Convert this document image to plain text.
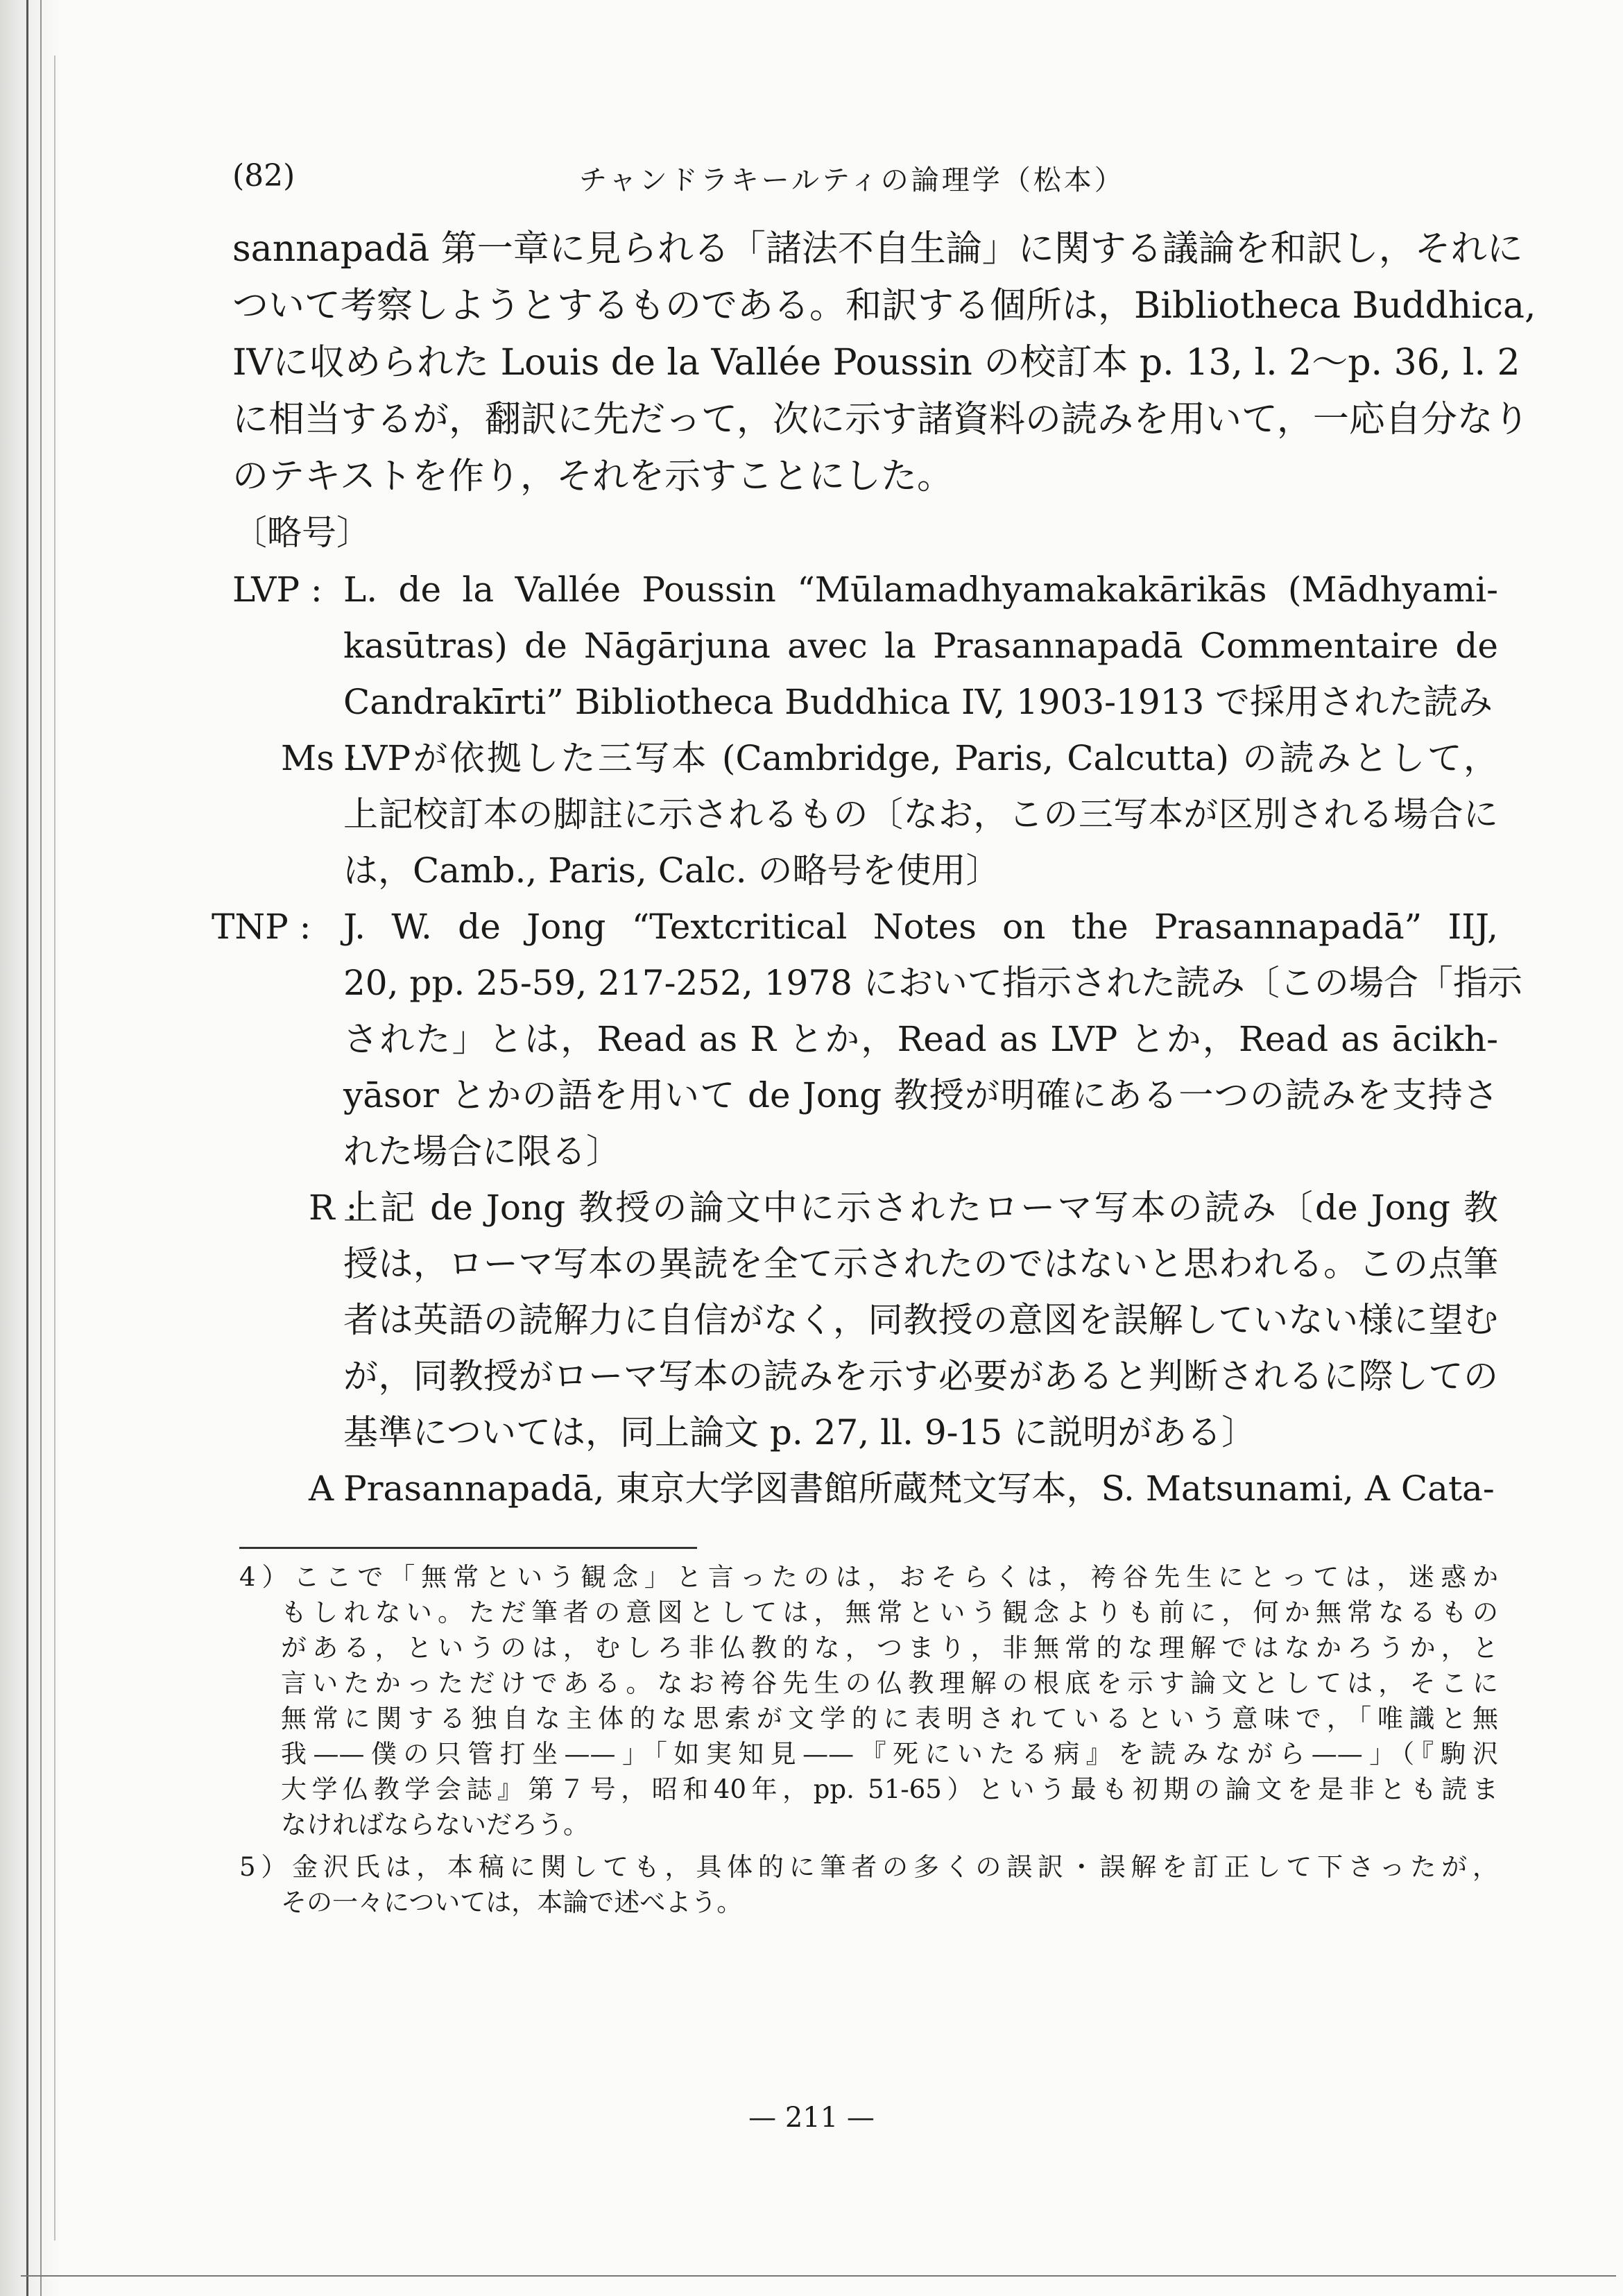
(82)	チャンドラキールティの論理学（松本）
sannapadā 第一章に見られる「諸法不自生論」に関する議論を和訳し，それに
ついて考察しようとするものである。和訳する個所は，Bibliotheca Buddhica,
IVに収められた Louis de la Vallée Poussin の校訂本 p. 13, l. 2〜p. 36, l. 2
に相当するが，翻訳に先だって，次に示す諸資料の読みを用いて，一応自分なり
のテキストを作り，それを示すことにした。
〔略号〕
LVP : L. de la Vallée Poussin “Mūlamadhyamakakārikās (Mādhyami-
kasūtras) de Nāgārjuna avec la Prasannapadā Commentaire de
Candrakīrti” Bibliotheca Buddhica IV, 1903-1913 で採用された読み
Ms :
LVPが依拠した三写本 (Cambridge, Paris, Calcutta) の読みとして，
上記校訂本の脚註に示されるもの〔なお，この三写本が区別される場合に
は，Camb., Paris, Calc. の略号を使用〕
TNP : J. W. de Jong “Textcritical Notes on the Prasannapadā” IIJ,
20, pp. 25-59, 217-252, 1978 において指示された読み〔この場合「指示
された」とは，Read as R とか，Read as LVP とか，Read as ācikh-
yāsor とかの語を用いて de Jong 教授が明確にある一つの読みを支持さ
れた場合に限る〕
R :
上記 de Jong 教授の論文中に示されたローマ写本の読み〔de Jong 教
授は，ローマ写本の異読を全て示されたのではないと思われる。この点筆
者は英語の読解力に自信がなく，同教授の意図を誤解していない様に望む
が，同教授がローマ写本の読みを示す必要があると判断されるに際しての
基準については，同上論文 p. 27, ll. 9-15 に説明がある〕
A :
Prasannapadā, 東京大学図書館所蔵梵文写本，S. Matsunami, A Cata-
4）ここで「無常という観念」と言ったのは，おそらくは，袴谷先生にとっては，迷惑か
もしれない。ただ筆者の意図としては，無常という観念よりも前に，何か無常なるもの
がある，というのは，むしろ非仏教的な，つまり，非無常的な理解ではなかろうか，と
言いたかっただけである。なお袴谷先生の仏教理解の根底を示す論文としては，そこに
無常に関する独自な主体的な思索が文学的に表明されているという意味で，「唯識と無
我——僕の只管打坐——」「如実知見——『死にいたる病』を読みながら——」（『駒沢
大学仏教学会誌』第７号，昭和40年，pp. 51-65）という最も初期の論文を是非とも読ま
なければならないだろう。
5）金沢氏は，本稿に関しても，具体的に筆者の多くの誤訳・誤解を訂正して下さったが，
その一々については，本論で述べよう。
— 211 —
